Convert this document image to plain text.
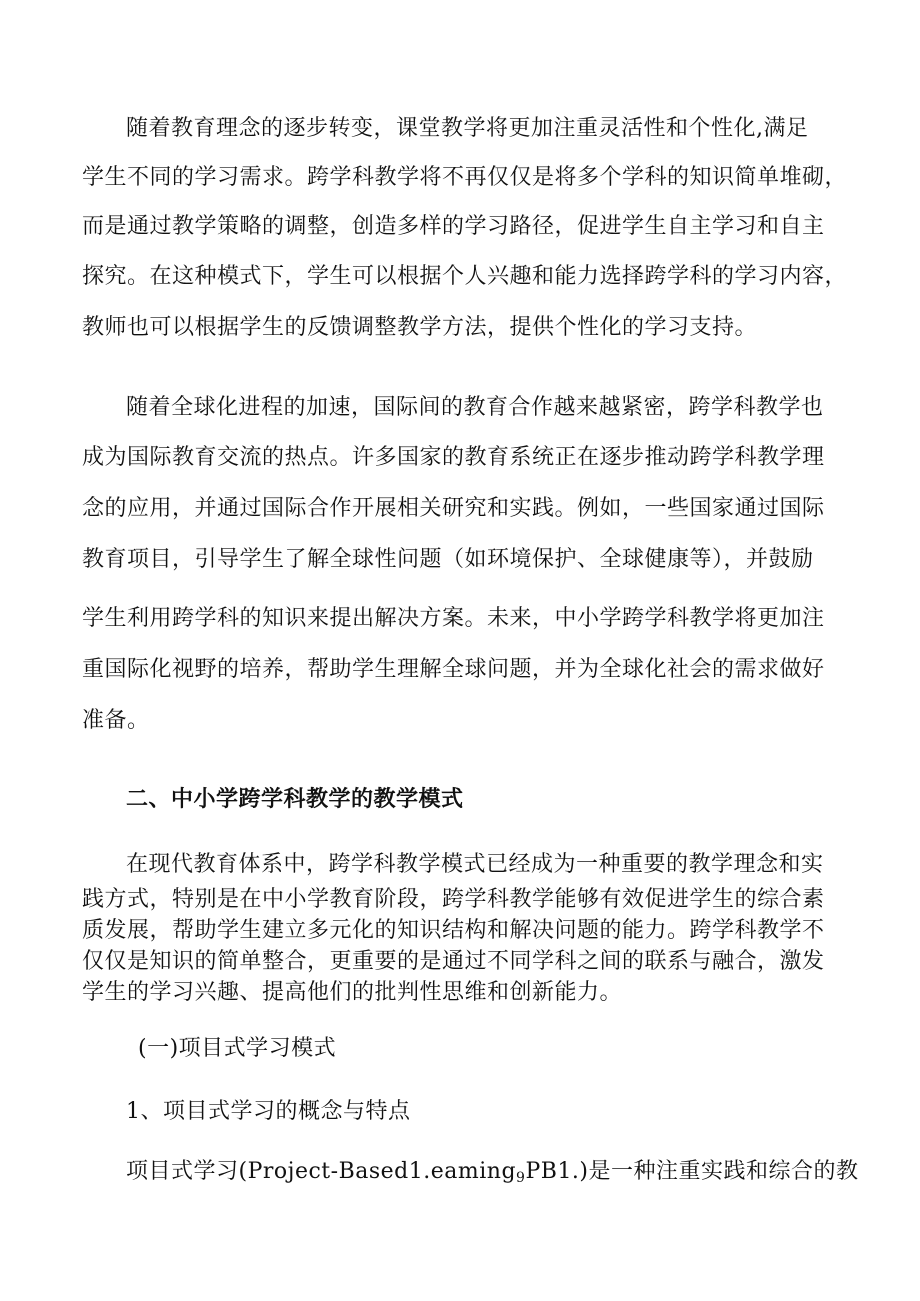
随着教育理念的逐步转变，课堂教学将更加注重灵活性和个性化,满足
学生不同的学习需求。跨学科教学将不再仅仅是将多个学科的知识简单堆砌，
而是通过教学策略的调整，创造多样的学习路径，促进学生自主学习和自主
探究。在这种模式下，学生可以根据个人兴趣和能力选择跨学科的学习内容，
教师也可以根据学生的反馈调整教学方法，提供个性化的学习支持。
随着全球化进程的加速，国际间的教育合作越来越紧密，跨学科教学也
成为国际教育交流的热点。许多国家的教育系统正在逐步推动跨学科教学理
念的应用，并通过国际合作开展相关研究和实践。例如，一些国家通过国际
教育项目，引导学生了解全球性问题（如环境保护、全球健康等），并鼓励
学生利用跨学科的知识来提出解决方案。未来，中小学跨学科教学将更加注
重国际化视野的培养，帮助学生理解全球问题，并为全球化社会的需求做好
准备。
二、中小学跨学科教学的教学模式
在现代教育体系中，跨学科教学模式已经成为一种重要的教学理念和实
践方式，特别是在中小学教育阶段，跨学科教学能够有效促进学生的综合素
质发展，帮助学生建立多元化的知识结构和解决问题的能力。跨学科教学不
仅仅是知识的简单整合，更重要的是通过不同学科之间的联系与融合，激发
学生的学习兴趣、提高他们的批判性思维和创新能力。
(一)项目式学习模式
1、项目式学习的概念与特点
项目式学习(Project-Based1.eaming$_9$PB1.)是一种注重实践和综合的教
